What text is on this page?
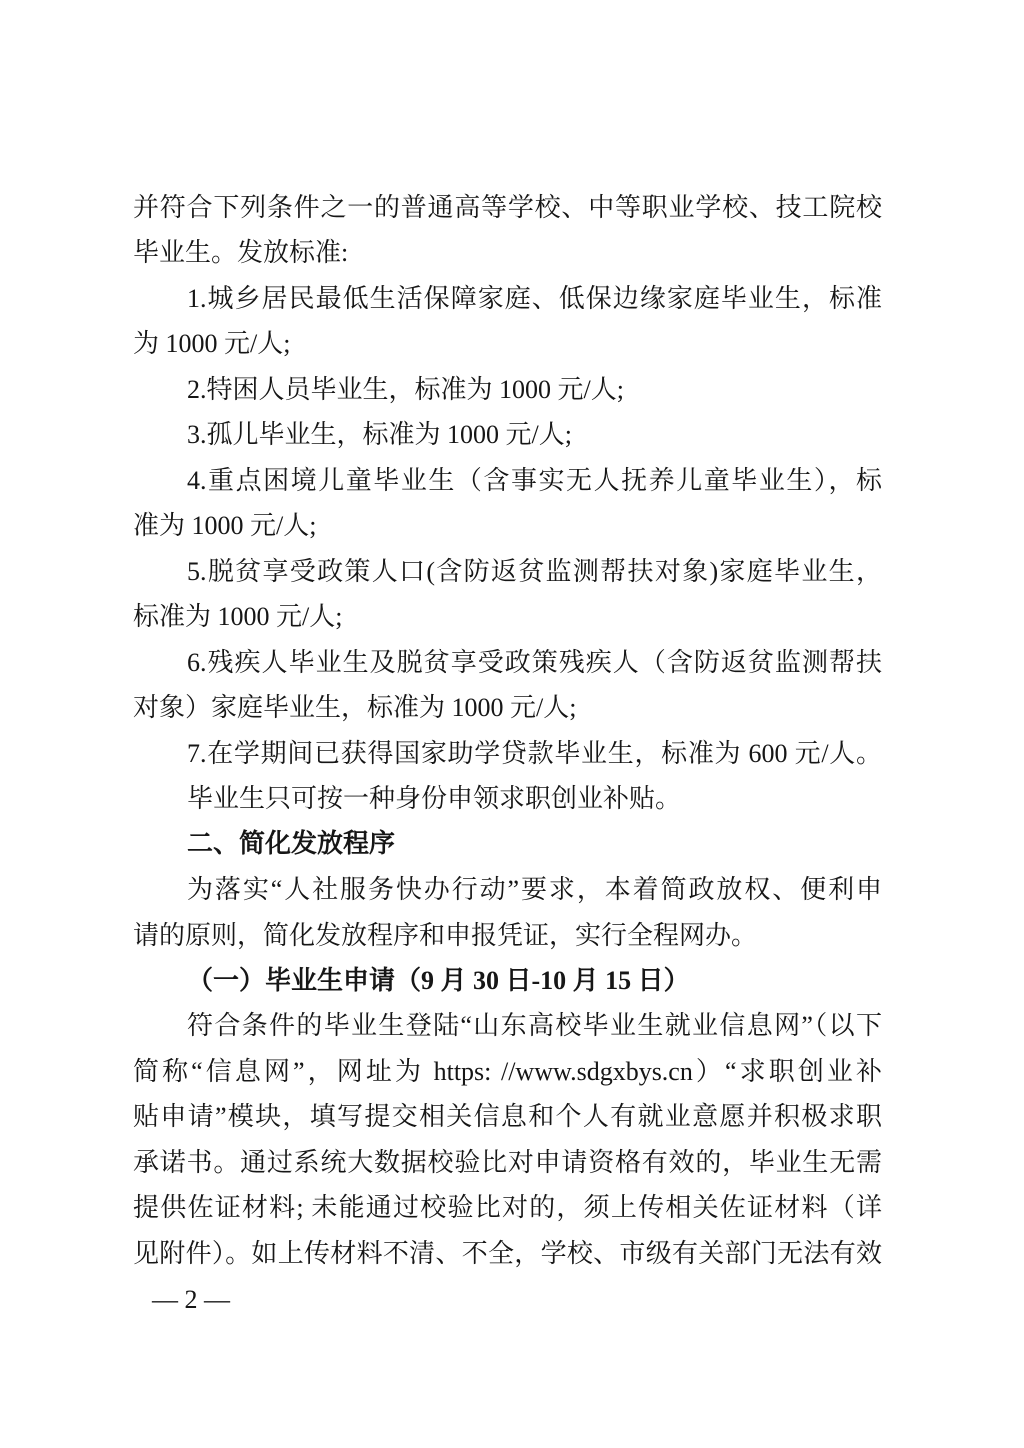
并符合下列条件之一的普通高等学校、中等职业学校、技工院校
毕业生。发放标准:
1.城乡居民最低生活保障家庭、低保边缘家庭毕业生，标准
为 1000 元/人;
2.特困人员毕业生，标准为 1000 元/人;
3.孤儿毕业生，标准为 1000 元/人;
4.重点困境儿童毕业生（含事实无人抚养儿童毕业生），标
准为 1000 元/人;
5.脱贫享受政策人口(含防返贫监测帮扶对象)家庭毕业生，
标准为 1000 元/人;
6.残疾人毕业生及脱贫享受政策残疾人（含防返贫监测帮扶
对象）家庭毕业生，标准为 1000 元/人;
7.在学期间已获得国家助学贷款毕业生，标准为 600 元/人。
毕业生只可按一种身份申领求职创业补贴。
二、简化发放程序
为落实“人社服务快办行动”要求，本着简政放权、便利申
请的原则，简化发放程序和申报凭证，实行全程网办。
（一）毕业生申请（9 月 30 日-10 月 15 日）
符合条件的毕业生登陆“山东高校毕业生就业信息网”（以下
简称“信息网”，网址为 https: //www.sdgxbys.cn）“求职创业补
贴申请”模块，填写提交相关信息和个人有就业意愿并积极求职
承诺书。通过系统大数据校验比对申请资格有效的，毕业生无需
提供佐证材料; 未能通过校验比对的，须上传相关佐证材料（详
见附件）。如上传材料不清、不全，学校、市级有关部门无法有效
— 2 —
